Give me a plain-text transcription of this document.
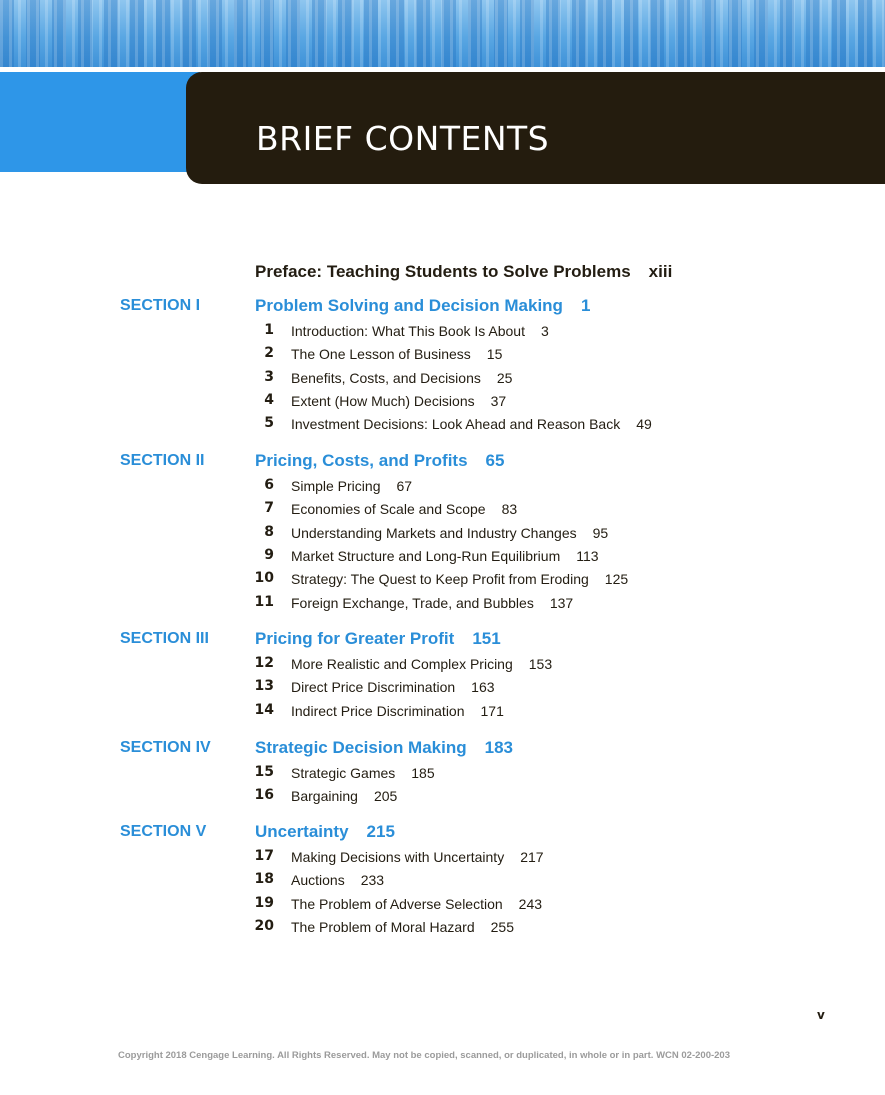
BRIEF CONTENTS
Preface: Teaching Students to Solve Problems xiii
SECTION I	Problem Solving and Decision Making 1
1 Introduction: What This Book Is About 3
2 The One Lesson of Business 15
3 Benefits, Costs, and Decisions 25
4 Extent (How Much) Decisions 37
5 Investment Decisions: Look Ahead and Reason Back 49
SECTION II	Pricing, Costs, and Profits 65
6 Simple Pricing 67
7 Economies of Scale and Scope 83
8 Understanding Markets and Industry Changes 95
9 Market Structure and Long-Run Equilibrium 113
10 Strategy: The Quest to Keep Profit from Eroding 125
11 Foreign Exchange, Trade, and Bubbles 137
SECTION III	Pricing for Greater Profit 151
12 More Realistic and Complex Pricing 153
13 Direct Price Discrimination 163
14 Indirect Price Discrimination 171
SECTION IV	Strategic Decision Making 183
15 Strategic Games 185
16 Bargaining 205
SECTION V	Uncertainty 215
17 Making Decisions with Uncertainty 217
18 Auctions 233
19 The Problem of Adverse Selection 243
20 The Problem of Moral Hazard 255
v
Copyright 2018 Cengage Learning. All Rights Reserved. May not be copied, scanned, or duplicated, in whole or in part. WCN 02-200-203
